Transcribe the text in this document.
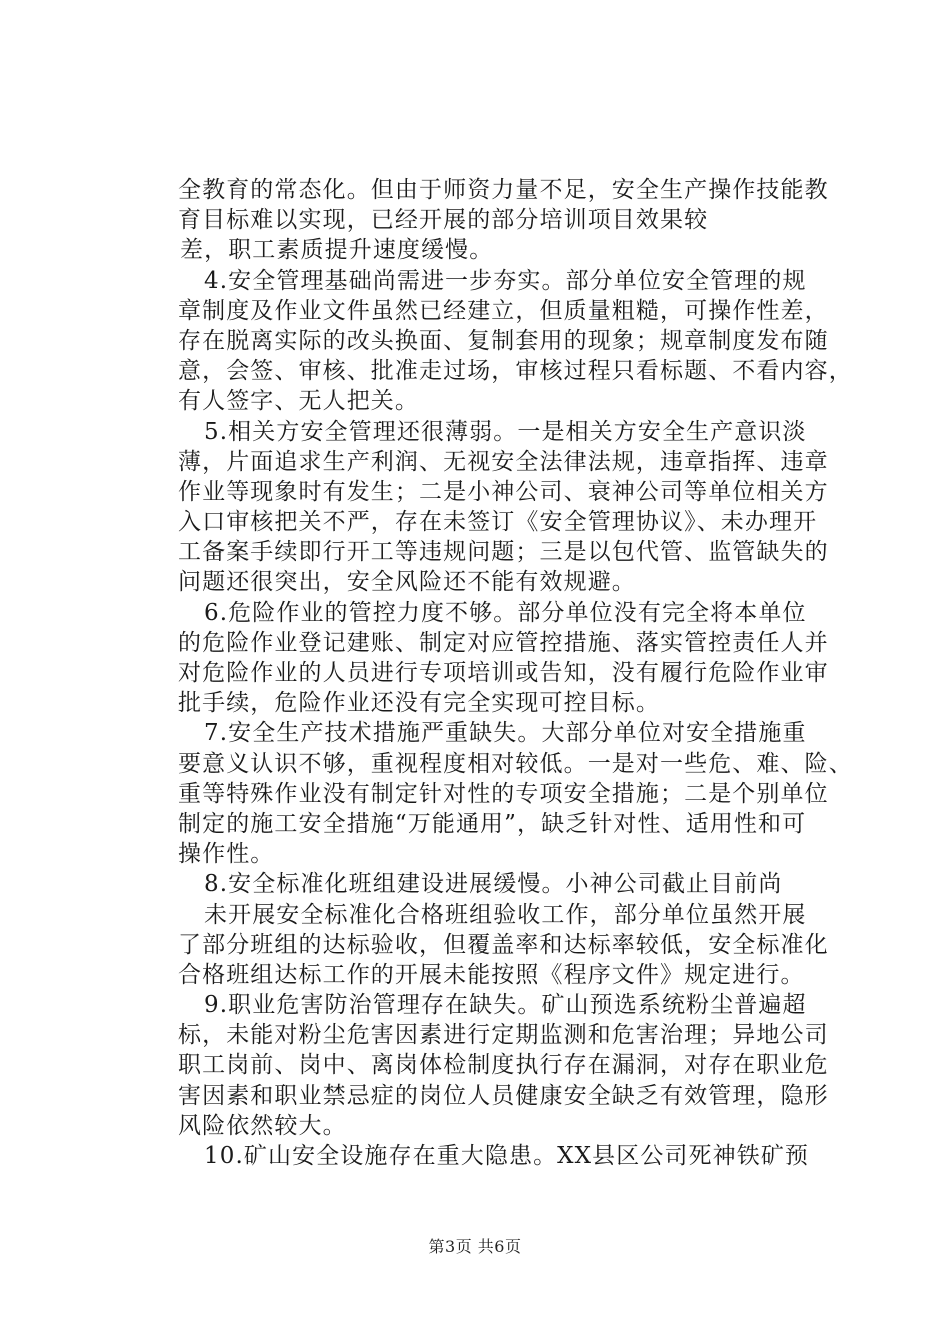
全教育的常态化。但由于师资力量不足，安全生产操作技能教
育目标难以实现，已经开展的部分培训项目效果较
差，职工素质提升速度缓慢。
4.安全管理基础尚需进一步夯实。部分单位安全管理的规
章制度及作业文件虽然已经建立，但质量粗糙，可操作性差，
存在脱离实际的改头换面、复制套用的现象；规章制度发布随
意，会签、审核、批准走过场，审核过程只看标题、不看内容，
有人签字、无人把关。
5.相关方安全管理还很薄弱。一是相关方安全生产意识淡
薄，片面追求生产利润、无视安全法律法规，违章指挥、违章
作业等现象时有发生；二是小神公司、衰神公司等单位相关方
入口审核把关不严，存在未签订《安全管理协议》、未办理开
工备案手续即行开工等违规问题；三是以包代管、监管缺失的
问题还很突出，安全风险还不能有效规避。
6.危险作业的管控力度不够。部分单位没有完全将本单位
的危险作业登记建账、制定对应管控措施、落实管控责任人并
对危险作业的人员进行专项培训或告知，没有履行危险作业审
批手续，危险作业还没有完全实现可控目标。
7.安全生产技术措施严重缺失。大部分单位对安全措施重
要意义认识不够，重视程度相对较低。一是对一些危、难、险、
重等特殊作业没有制定针对性的专项安全措施；二是个别单位
制定的施工安全措施“万能通用”，缺乏针对性、适用性和可
操作性。
8.安全标准化班组建设进展缓慢。小神公司截止目前尚
未开展安全标准化合格班组验收工作，部分单位虽然开展
了部分班组的达标验收，但覆盖率和达标率较低，安全标准化
合格班组达标工作的开展未能按照《程序文件》规定进行。
9.职业危害防治管理存在缺失。矿山预选系统粉尘普遍超
标，未能对粉尘危害因素进行定期监测和危害治理；异地公司
职工岗前、岗中、离岗体检制度执行存在漏洞，对存在职业危
害因素和职业禁忌症的岗位人员健康安全缺乏有效管理，隐形
风险依然较大。
10.矿山安全设施存在重大隐患。XX县区公司死神铁矿预
第3页 共6页
